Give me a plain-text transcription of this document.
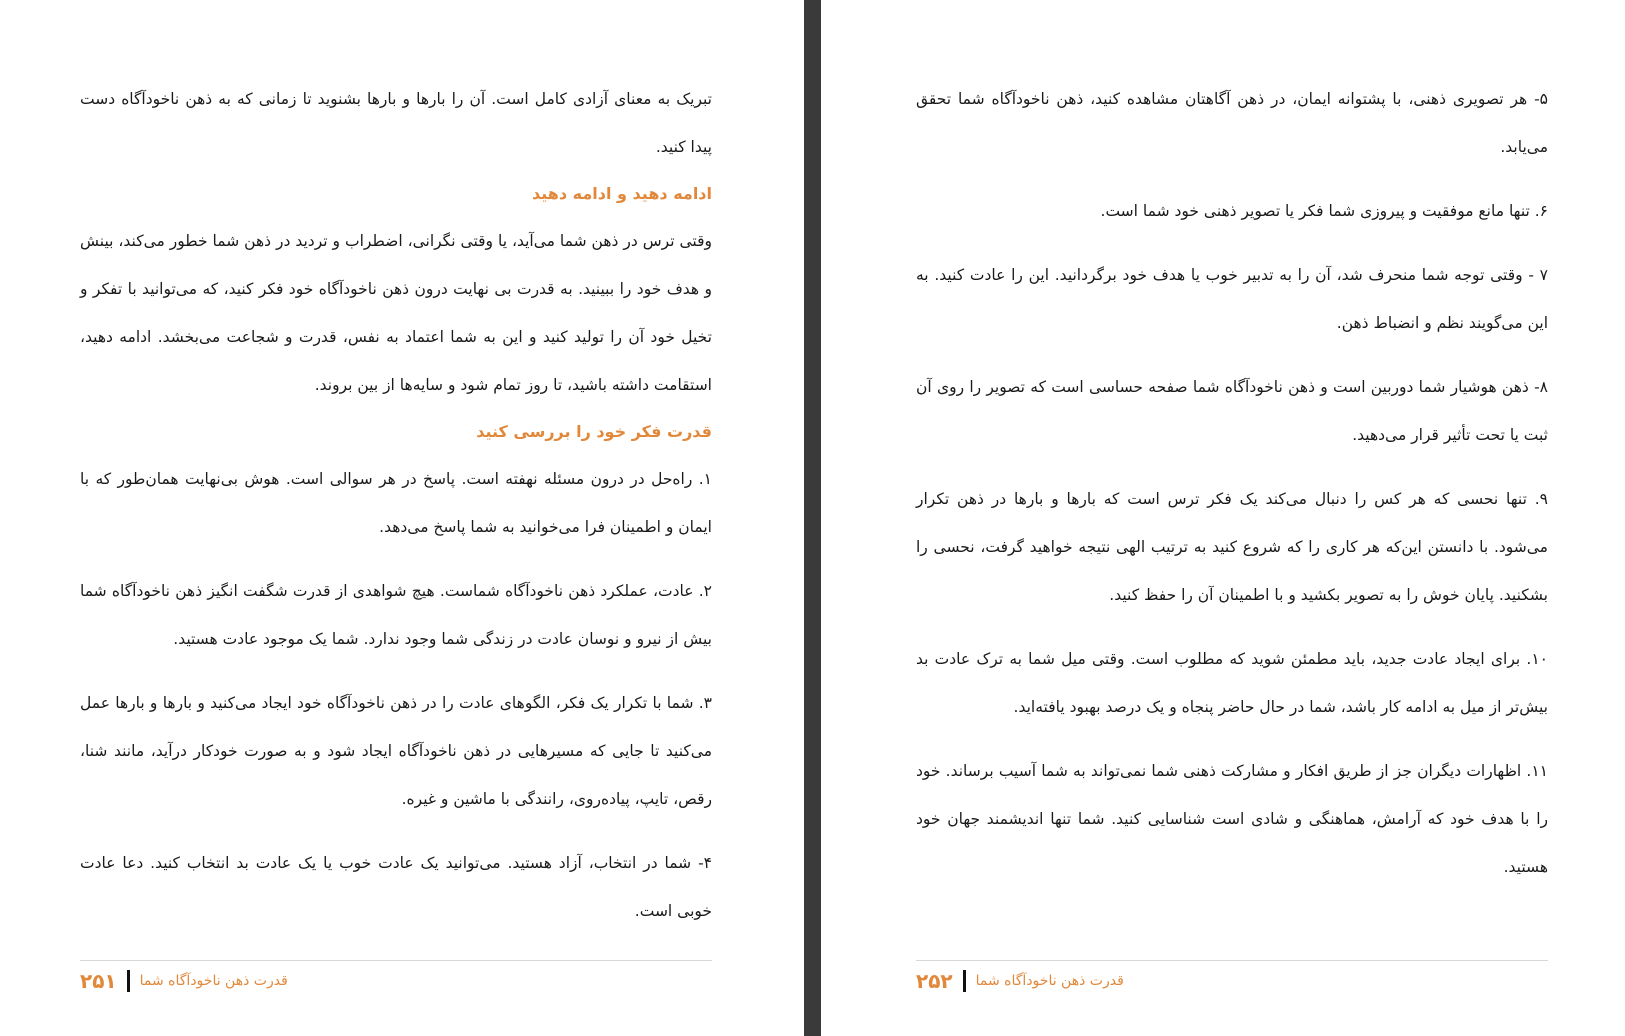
تبریک به معنای آزادی کامل است. آن را بارها و بارها بشنوید تا زمانی که به ذهن ناخودآگاه دست پیدا کنید.

ادامه دهید و ادامه دهید

وقتی ترس در ذهن شما می‌آید، یا وقتی نگرانی، اضطراب و تردید در ذهن شما خطور می‌کند، بینش و هدف خود را ببینید. به قدرت بی نهایت درون ذهن ناخودآگاه خود فکر کنید، که می‌توانید با تفکر و تخیل خود آن را تولید کنید و این به شما اعتماد به نفس، قدرت و شجاعت می‌بخشد. ادامه دهید، استقامت داشته باشید، تا روز تمام شود و سایه‌ها از بین بروند.

قدرت فکر خود را بررسی کنید

۱. راه‌حل در درون مسئله نهفته است. پاسخ در هر سوالی است. هوش بی‌نهایت همان‌طور که با ایمان و اطمینان فرا می‌خوانید به شما پاسخ می‌دهد.

۲. عادت، عملکرد ذهن ناخودآگاه شماست. هیچ شواهدی از قدرت شگفت انگیز ذهن ناخودآگاه شما بیش از نیرو و نوسان عادت در زندگی شما وجود ندارد. شما یک موجود عادت هستید.

۳. شما با تکرار یک فکر، الگوهای عادت را در ذهن ناخودآگاه خود ایجاد می‌کنید و بارها و بارها عمل می‌کنید تا جایی که مسیرهایی در ذهن ناخودآگاه ایجاد شود و به صورت خودکار درآید، مانند شنا، رقص، تایپ، پیاده‌روی، رانندگی با ماشین و غیره.

۴- شما در انتخاب، آزاد هستید. می‌توانید یک عادت خوب یا یک عادت بد انتخاب کنید. دعا عادت خوبی است.

۲۵۱ قدرت ذهن ناخودآگاه شما

۵- هر تصویری ذهنی، با پشتوانه ایمان، در ذهن آگاهتان مشاهده کنید، ذهن ناخودآگاه شما تحقق می‌یابد.

۶. تنها مانع موفقیت و پیروزی شما فکر یا تصویر ذهنی خود شما است.

۷ - وقتی توجه شما منحرف شد، آن را به تدبیر خوب یا هدف خود برگردانید. این را عادت کنید. به این می‌گویند نظم و انضباط ذهن.

۸- ذهن هوشیار شما دوربین است و ذهن ناخودآگاه شما صفحه حساسی است که تصویر را روی آن ثبت یا تحت تأثیر قرار می‌دهید.

۹. تنها نحسی که هر کس را دنبال می‌کند یک فکر ترس است که بارها و بارها در ذهن تکرار می‌شود. با دانستن این‌که هر کاری را که شروع کنید به ترتیب الهی نتیجه خواهید گرفت، نحسی را بشکنید. پایان خوش را به تصویر بکشید و با اطمینان آن را حفظ کنید.

۱۰. برای ایجاد عادت جدید، باید مطمئن شوید که مطلوب است. وقتی میل شما به ترک عادت بد بیش‌تر از میل به ادامه کار باشد، شما در حال حاضر پنجاه و یک درصد بهبود یافته‌اید.

۱۱. اظهارات دیگران جز از طریق افکار و مشارکت ذهنی شما نمی‌تواند به شما آسیب برساند. خود را با هدف خود که آرامش، هماهنگی و شادی است شناسایی کنید. شما تنها اندیشمند جهان خود هستید.

۲۵۲ قدرت ذهن ناخودآگاه شما
